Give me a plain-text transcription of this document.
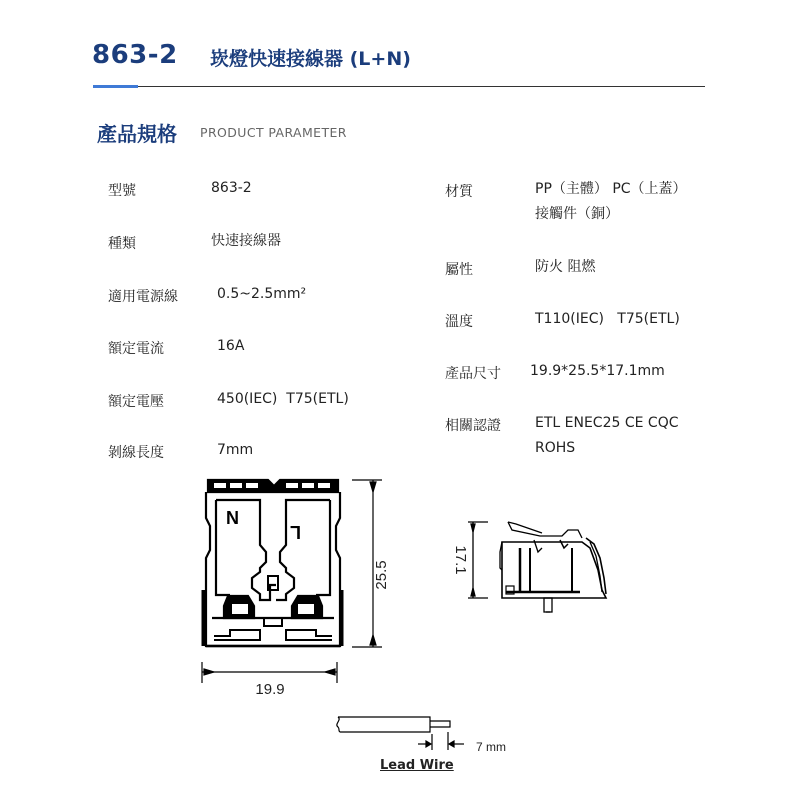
863-2 崁燈快速接線器 (L+N)
產品規格 PRODUCT PARAMETER
型號	863-2
種類	快速接線器
適用電源線	0.5~2.5mm²
額定電流	16A
額定電壓	450(IEC)  T75(ETL)
剝線長度	7mm
材質	PP（主體） PC（上蓋）
接觸件（銅）
屬性	防火 阻燃
溫度	T110(IEC)   T75(ETL)
產品尺寸 19.9*25.5*17.1mm
相關認證 ETL ENEC25 CE CQC
ROHS
N
L
25.5
19.9
17.1
7 mm
Lead Wire
